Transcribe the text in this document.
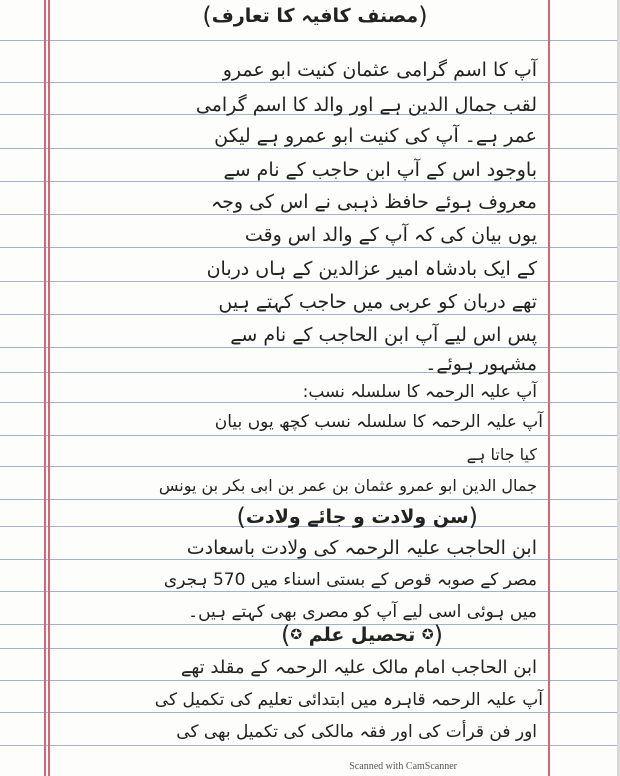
(مصنف کافیہ کا تعارف)
آپ کا اسم گرامی عثمان کنیت ابو عمرو
لقب جمال الدین ہے اور والد کا اسم گرامی
عمر ہے۔ آپ کی کنیت ابو عمرو ہے لیکن
باوجود اس کے آپ ابن حاجب کے نام سے
معروف ہوئے حافظ ذہبی نے اس کی وجہ
یوں بیان کی کہ آپ کے والد اس وقت
کے ایک بادشاہ امیر عزالدین کے ہاں دربان
تھے دربان کو عربی میں حاجب کہتے ہیں
پس اس لیے آپ ابن الحاجب کے نام سے
مشہور ہوئے۔
آپ علیہ الرحمہ کا سلسلہ نسب:
آپ علیہ الرحمہ کا سلسلہ نسب کچھ یوں بیان
کیا جاتا ہے
جمال الدین ابو عمرو عثمان بن عمر بن ابی بکر بن یونس
(سن ولادت و جائے ولادت)
ابن الحاجب علیہ الرحمہ کی ولادت باسعادت
مصر کے صوبہ قوص کے بستی اسناء میں 570 ہجری
میں ہوئی اسی لیے آپ کو مصری بھی کہتے ہیں۔
(✪ تحصیل علم ✪)
ابن الحاجب امام مالک علیہ الرحمہ کے مقلد تھے
آپ علیہ الرحمہ قاہرہ میں ابتدائی تعلیم کی تکمیل کی
اور فن قرأت کی اور فقہ مالکی کی تکمیل بھی کی
Scanned with CamScanner
